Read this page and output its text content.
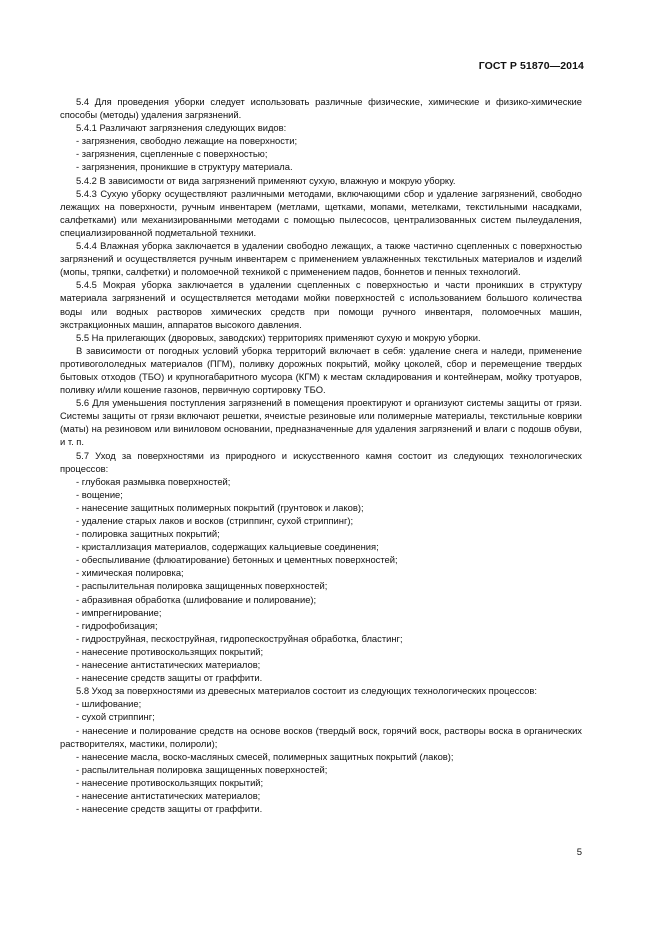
ГОСТ Р 51870—2014

5.4 Для проведения уборки следует использовать различные физические, химические и физико-химические способы (методы) удаления загрязнений.

5.4.1 Различают загрязнения следующих видов:

- загрязнения, свободно лежащие на поверхности;

- загрязнения, сцепленные с поверхностью;

- загрязнения, проникшие в структуру материала.

5.4.2 В зависимости от вида загрязнений применяют сухую, влажную и мокрую уборку.

5.4.3 Сухую уборку осуществляют различными методами, включающими сбор и удаление загрязнений, свободно лежащих на поверхности, ручным инвентарем (метлами, щетками, мопами, метелками, текстильными насадками, салфетками) или механизированными методами с помощью пылесосов, централизованных систем пылеудаления, специализированной подметальной техники.

5.4.4 Влажная уборка заключается в удалении свободно лежащих, а также частично сцепленных с поверхностью загрязнений и осуществляется ручным инвентарем с применением увлажненных текстильных материалов и изделий (мопы, тряпки, салфетки) и поломоечной техникой с применением падов, боннетов и пенных технологий.

5.4.5 Мокрая уборка заключается в удалении сцепленных с поверхностью и части проникших в структуру материала загрязнений и осуществляется методами мойки поверхностей с использованием большого количества воды или водных растворов химических средств при помощи ручного инвентаря, поломоечных машин, экстракционных машин, аппаратов высокого давления.

5.5 На прилегающих (дворовых, заводских) территориях применяют сухую и мокрую уборки.

В зависимости от погодных условий уборка территорий включает в себя: удаление снега и наледи, применение противогололедных материалов (ПГМ), поливку дорожных покрытий, мойку цоколей, сбор и перемещение твердых бытовых отходов (ТБО) и крупногабаритного мусора (КГМ) к местам складирования и контейнерам, мойку тротуаров, поливку и/или кошение газонов, первичную сортировку ТБО.

5.6 Для уменьшения поступления загрязнений в помещения проектируют и организуют системы защиты от грязи. Системы защиты от грязи включают решетки, ячеистые резиновые или полимерные материалы, текстильные коврики (маты) на резиновом или виниловом основании, предназначенные для удаления загрязнений и влаги с подошв обуви, и т. п.

5.7 Уход за поверхностями из природного и искусственного камня состоит из следующих технологических процессов:

- глубокая размывка поверхностей;

- вощение;

- нанесение защитных полимерных покрытий (грунтовок и лаков);

- удаление старых лаков и восков (стриппинг, сухой стриппинг);

- полировка защитных покрытий;

- кристаллизация материалов, содержащих кальциевые соединения;

- обеспыливание (флюатирование) бетонных и цементных поверхностей;

- химическая полировка;

- распылительная полировка защищенных поверхностей;

- абразивная обработка (шлифование и полирование);

- импрегнирование;

- гидрофобизация;

- гидроструйная, пескоструйная, гидропескоструйная обработка, бластинг;

- нанесение противоскользящих покрытий;

- нанесение антистатических материалов;

- нанесение средств защиты от граффити.

5.8 Уход за поверхностями из древесных материалов состоит из следующих технологических процессов:

- шлифование;

- сухой стриппинг;

- нанесение и полирование средств на основе восков (твердый воск, горячий воск, растворы воска в органических растворителях, мастики, полироли);

- нанесение масла, воско-масляных смесей, полимерных защитных покрытий (лаков);

- распылительная полировка защищенных поверхностей;

- нанесение противоскользящих покрытий;

- нанесение антистатических материалов;

- нанесение средств защиты от граффити.

5
